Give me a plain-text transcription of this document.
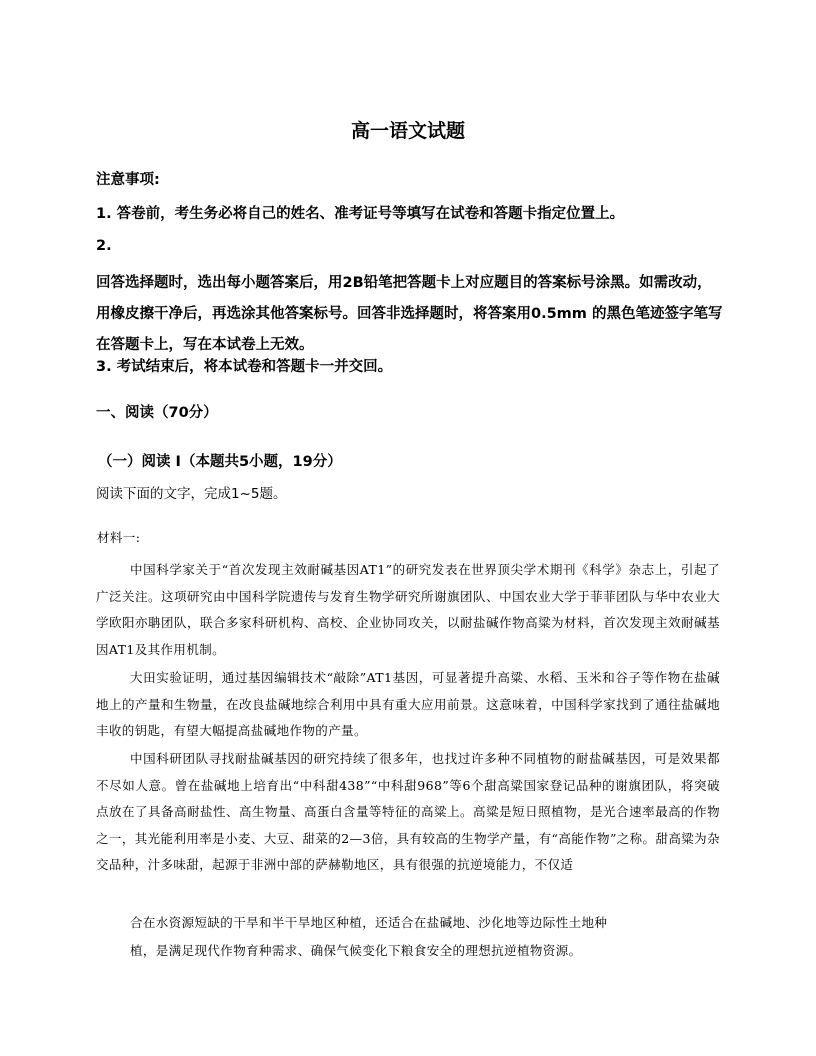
高一语文试题
注意事项:
1. 答卷前，考生务必将自己的姓名、准考证号等填写在试卷和答题卡指定位置上。
2.
回答选择题时，选出每小题答案后，用2B铅笔把答题卡上对应题目的答案标号涂黑。如需改动，用橡皮擦干净后，再选涂其他答案标号。回答非选择题时，将答案用0.5mm 的黑色笔迹签字笔写在答题卡上，写在本试卷上无效。
3. 考试结束后，将本试卷和答题卡一并交回。
一、阅读（70分）
（一）阅读 Ⅰ（本题共5小题，19分）
阅读下面的文字，完成1~5题。
材料一:
中国科学家关于“首次发现主效耐碱基因AT1”的研究发表在世界顶尖学术期刊《科学》杂志上，引起了广泛关注。这项研究由中国科学院遗传与发育生物学研究所谢旗团队、中国农业大学于菲菲团队与华中农业大学欧阳亦聃团队，联合多家科研机构、高校、企业协同攻关，以耐盐碱作物高粱为材料，首次发现主效耐碱基因AT1及其作用机制。
大田实验证明，通过基因编辑技术“敲除”AT1基因，可显著提升高粱、水稻、玉米和谷子等作物在盐碱地上的产量和生物量，在改良盐碱地综合利用中具有重大应用前景。这意味着，中国科学家找到了通往盐碱地丰收的钥匙，有望大幅提高盐碱地作物的产量。
中国科研团队寻找耐盐碱基因的研究持续了很多年，也找过许多种不同植物的耐盐碱基因，可是效果都不尽如人意。曾在盐碱地上培育出“中科甜438”“中科甜968”等6个甜高粱国家登记品种的谢旗团队，将突破点放在了具备高耐盐性、高生物量、高蛋白含量等特征的高粱上。高粱是短日照植物，是光合速率最高的作物之一，其光能利用率是小麦、大豆、甜菜的2—3倍，具有较高的生物学产量，有“高能作物”之称。甜高粱为杂交品种，汁多味甜，起源于非洲中部的萨赫勒地区，具有很强的抗逆境能力，不仅适
合在水资源短缺的干旱和半干旱地区种植，还适合在盐碱地、沙化地等边际性土地种
植，是满足现代作物育种需求、确保气候变化下粮食安全的理想抗逆植物资源。
